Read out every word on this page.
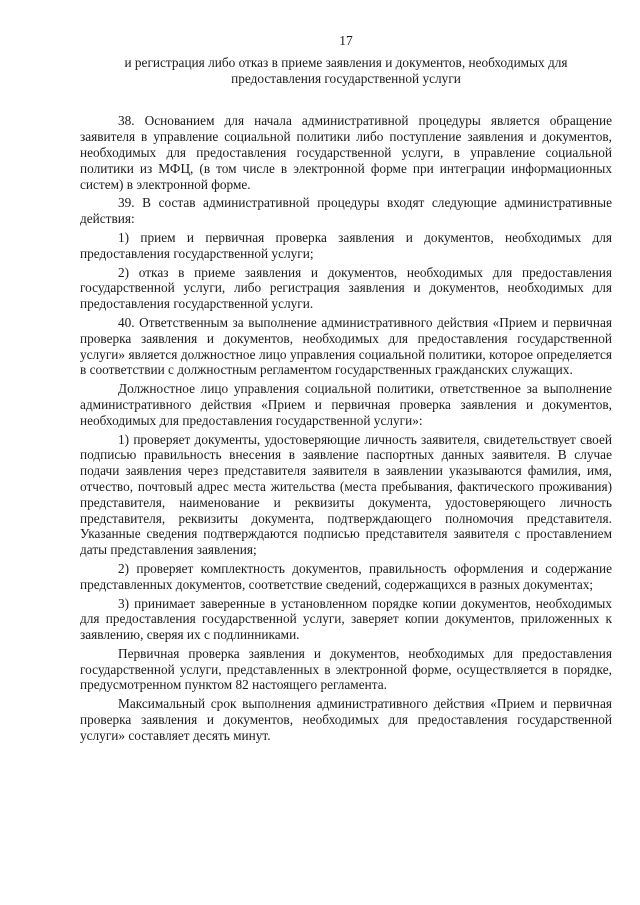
17
и регистрация либо отказ в приеме заявления и документов, необходимых для предоставления государственной услуги

38. Основанием для начала административной процедуры является обращение заявителя в управление социальной политики либо поступление заявления и документов, необходимых для предоставления государственной услуги, в управление социальной политики из МФЦ, (в том числе в электронной форме при интеграции информационных систем) в электронной форме.

39. В состав административной процедуры входят следующие административные действия:

1) прием и первичная проверка заявления и документов, необходимых для предоставления государственной услуги;

2) отказ в приеме заявления и документов, необходимых для предоставления государственной услуги, либо регистрация заявления и документов, необходимых для предоставления государственной услуги.

40. Ответственным за выполнение административного действия «Прием и первичная проверка заявления и документов, необходимых для предоставления государственной услуги» является должностное лицо управления социальной политики, которое определяется в соответствии с должностным регламентом государственных гражданских служащих.

Должностное лицо управления социальной политики, ответственное за выполнение административного действия «Прием и первичная проверка заявления и документов, необходимых для предоставления государственной услуги»:

1) проверяет документы, удостоверяющие личность заявителя, свидетельствует своей подписью правильность внесения в заявление паспортных данных заявителя. В случае подачи заявления через представителя заявителя в заявлении указываются фамилия, имя, отчество, почтовый адрес места жительства (места пребывания, фактического проживания) представителя, наименование и реквизиты документа, удостоверяющего личность представителя, реквизиты документа, подтверждающего полномочия представителя. Указанные сведения подтверждаются подписью представителя заявителя с проставлением даты представления заявления;

2) проверяет комплектность документов, правильность оформления и содержание представленных документов, соответствие сведений, содержащихся в разных документах;

3) принимает заверенные в установленном порядке копии документов, необходимых для предоставления государственной услуги, заверяет копии документов, приложенных к заявлению, сверяя их с подлинниками.

Первичная проверка заявления и документов, необходимых для предоставления государственной услуги, представленных в электронной форме, осуществляется в порядке, предусмотренном пунктом 82 настоящего регламента.

Максимальный срок выполнения административного действия «Прием и первичная проверка заявления и документов, необходимых для предоставления государственной услуги» составляет десять минут.
